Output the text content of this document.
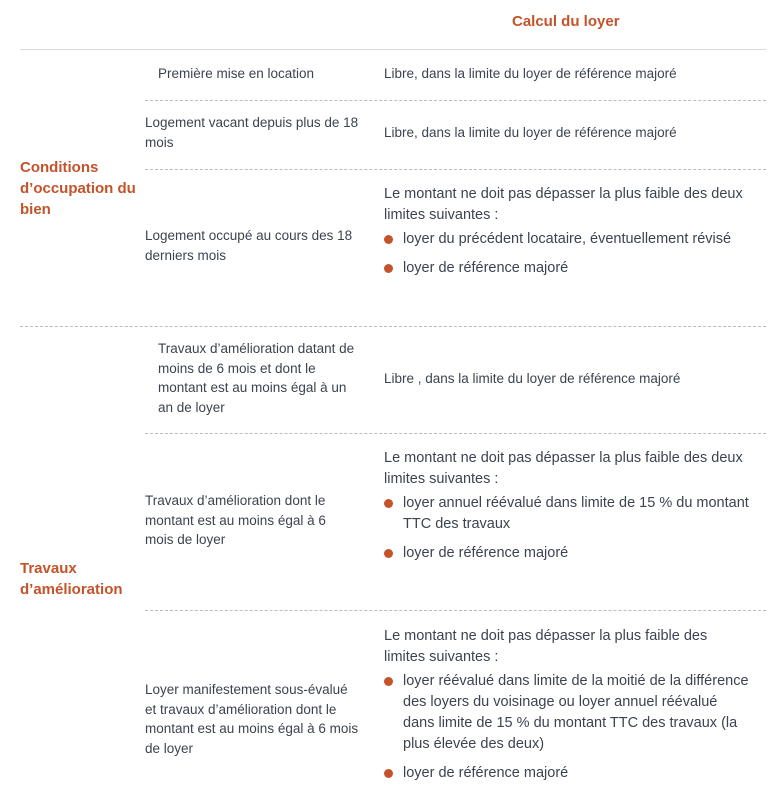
Calcul du loyer
Conditions d’occupation du bien
Première mise en location	Libre, dans la limite du loyer de référence majoré
Logement vacant depuis plus de 18 mois
Libre, dans la limite du loyer de référence majoré
Logement occupé au cours des 18 derniers mois
Le montant ne doit pas dépasser la plus faible des deux limites suivantes :
loyer du précédent locataire, éventuellement révisé
loyer de référence majoré
Travaux d’amélioration
Travaux d’amélioration datant de moins de 6 mois et dont le montant est au moins égal à un an de loyer
Libre , dans la limite du loyer de référence majoré
Travaux d’amélioration dont le montant est au moins égal à 6 mois de loyer
Le montant ne doit pas dépasser la plus faible des deux limites suivantes :
loyer annuel réévalué dans limite de 15 % du montant TTC des travaux
loyer de référence majoré
Loyer manifestement sous-évalué et travaux d’amélioration dont le montant est au moins égal à 6 mois de loyer
Le montant ne doit pas dépasser la plus faible des limites suivantes :
loyer réévalué dans limite de la moitié de la différence des loyers du voisinage ou loyer annuel réévalué dans limite de 15 % du montant TTC des travaux (la plus élevée des deux)
loyer de référence majoré
